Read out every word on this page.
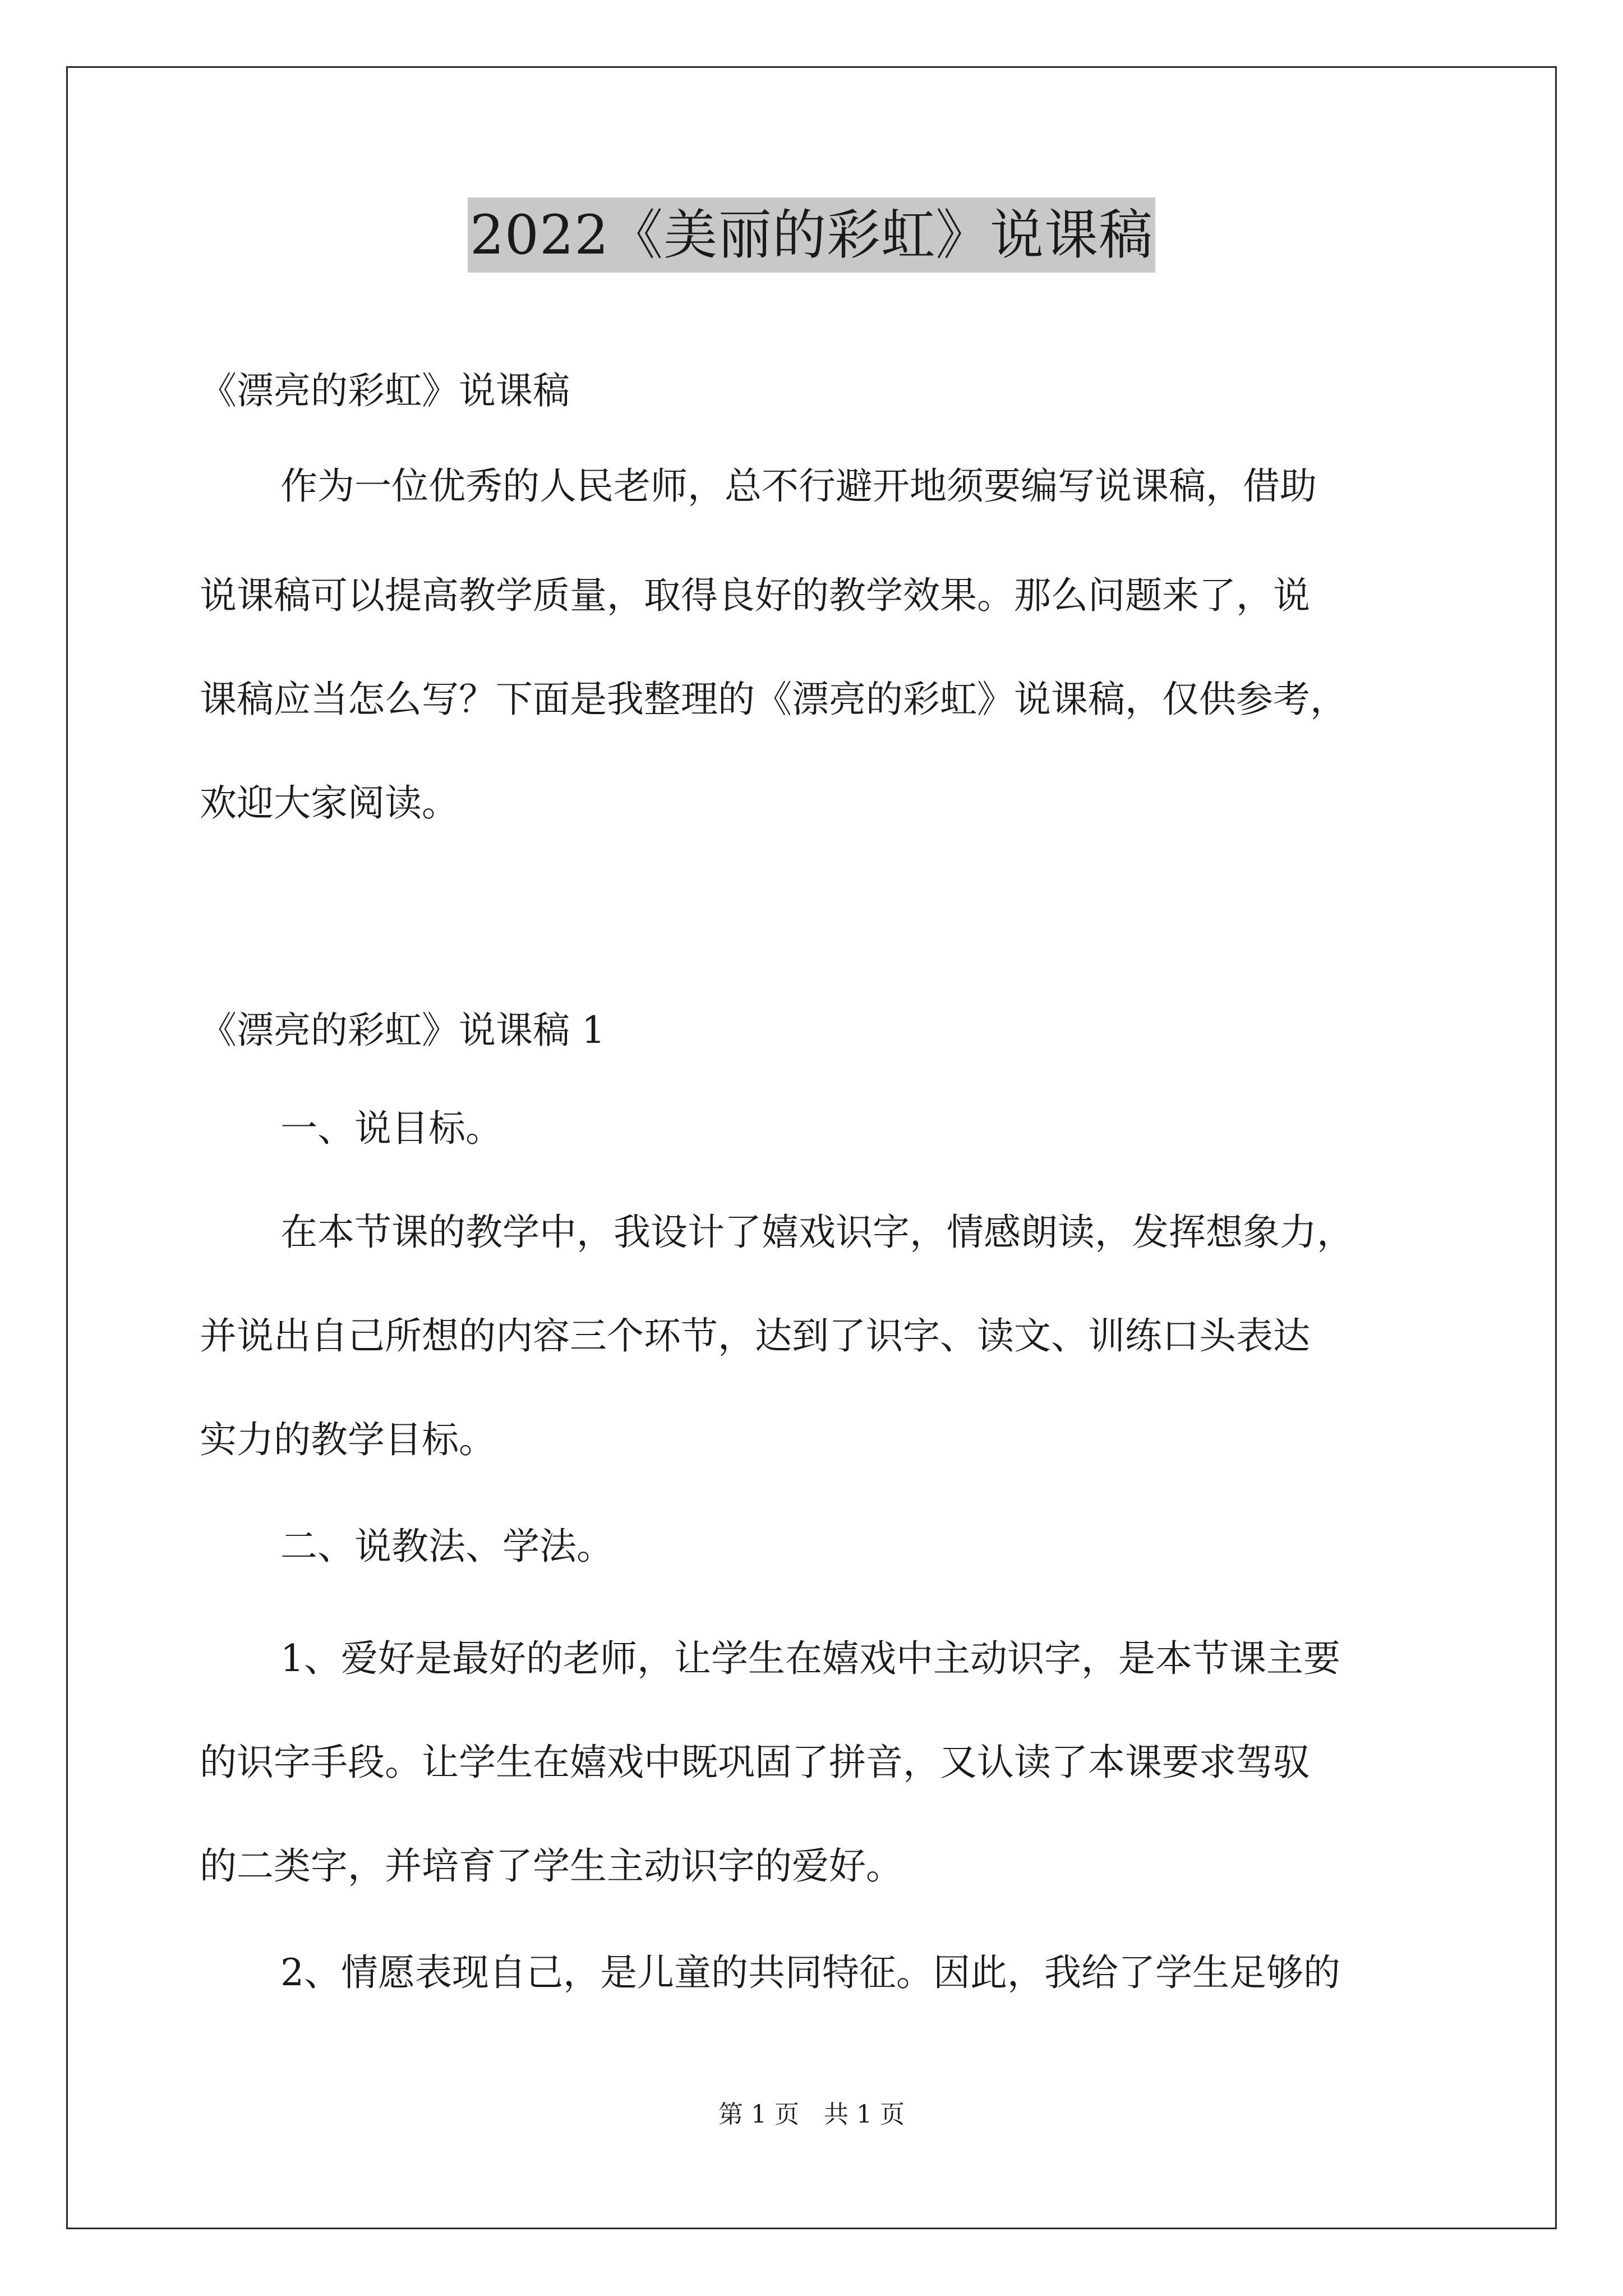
2022《美丽的彩虹》说课稿

《漂亮的彩虹》说课稿

作为一位优秀的人民老师，总不行避开地须要编写说课稿，借助

说课稿可以提高教学质量，取得良好的教学效果。那么问题来了，说

课稿应当怎么写？下面是我整理的《漂亮的彩虹》说课稿，仅供参考，

欢迎大家阅读。

《漂亮的彩虹》说课稿 1

一、说目标。

在本节课的教学中，我设计了嬉戏识字，情感朗读，发挥想象力，

并说出自己所想的内容三个环节，达到了识字、读文、训练口头表达

实力的教学目标。

二、说教法、学法。

1、爱好是最好的老师，让学生在嬉戏中主动识字，是本节课主要

的识字手段。让学生在嬉戏中既巩固了拼音，又认读了本课要求驾驭

的二类字，并培育了学生主动识字的爱好。

2、情愿表现自己，是儿童的共同特征。因此，我给了学生足够的

第 1 页　共 1 页
